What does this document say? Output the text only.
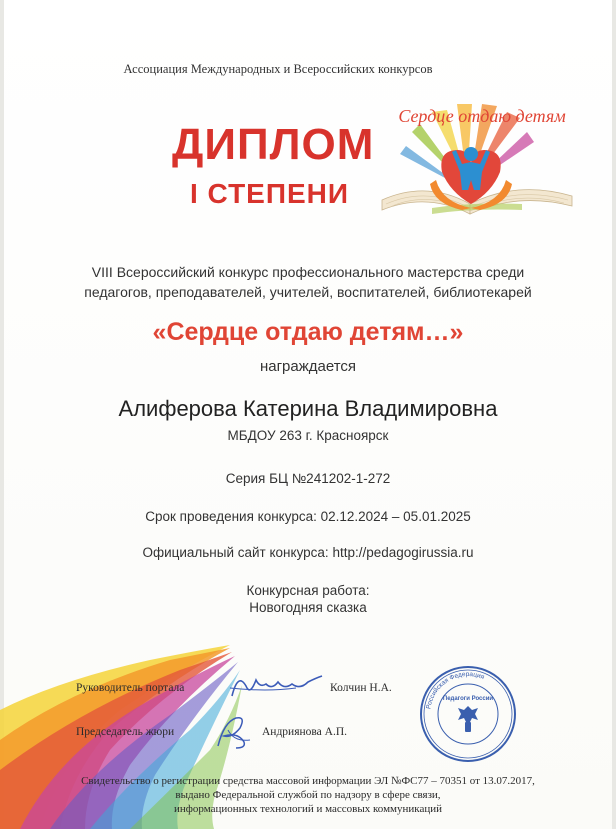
Ассоциация Международных и Всероссийских конкурсов
ДИПЛОМ
I СТЕПЕНИ
Сердце отдаю детям
VIII Всероссийский конкурс профессионального мастерства среди
педагогов, преподавателей, учителей, воспитателей, библиотекарей
«Сердце отдаю детям…»
награждается
Алиферова Катерина Владимировна
МБДОУ 263 г. Красноярск
Серия БЦ №241202-1-272
Срок проведения конкурса: 02.12.2024 – 05.01.2025
Официальный сайт конкурса: http://pedagogirussia.ru
Конкурсная работа:
Новогодняя сказка
Руководитель портала	Колчин Н.А.
Председатель жюри	Андриянова А.П.
Российская Федерация
Педагоги России
Свидетельство о регистрации средства массовой информации ЭЛ №ФС77 – 70351 от 13.07.2017,
выдано Федеральной службой по надзору в сфере связи,
информационных технологий и массовых коммуникаций
